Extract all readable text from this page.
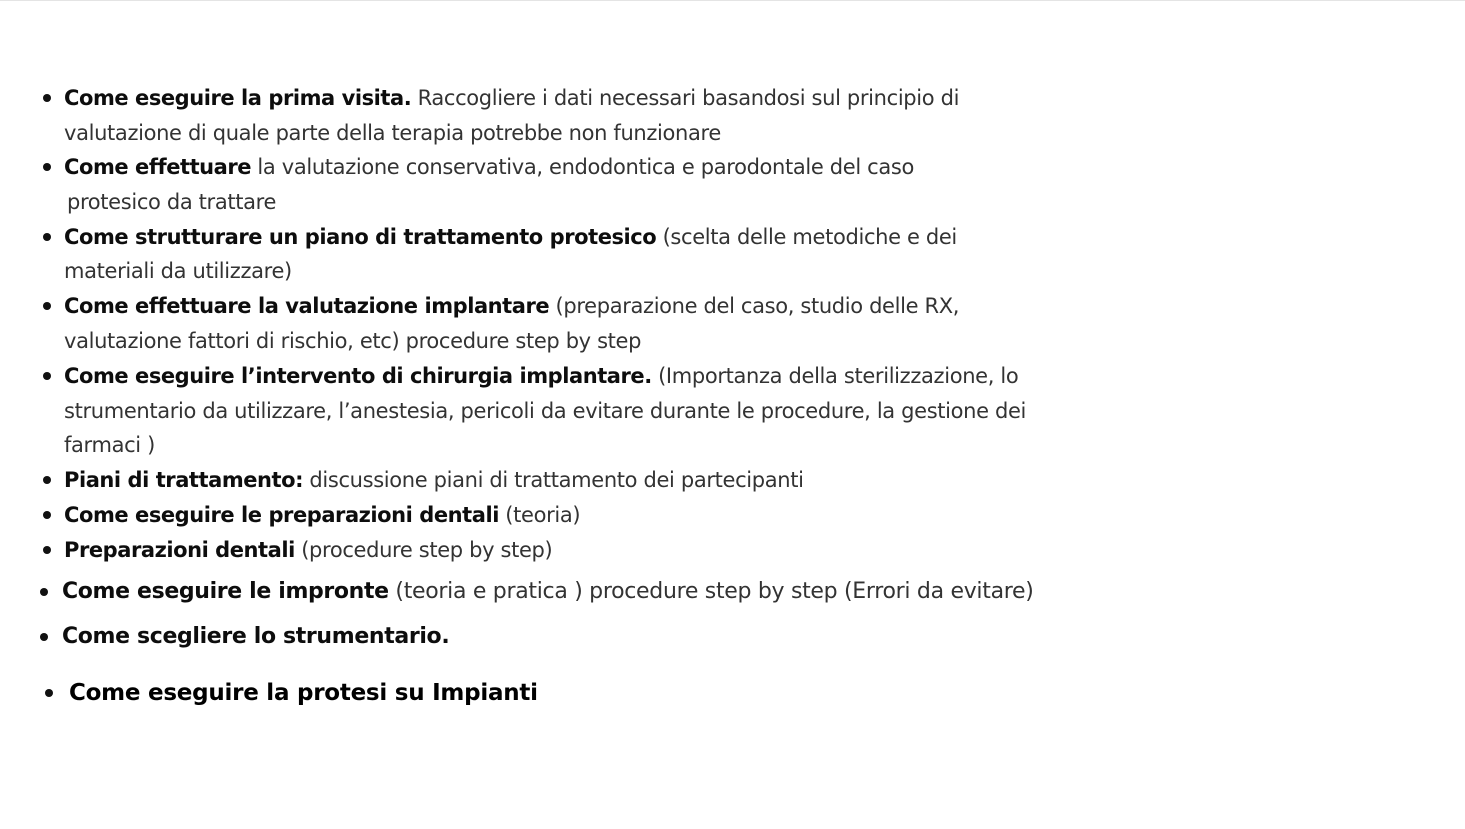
Come eseguire la prima visita. Raccogliere i dati necessari basandosi sul principio di
valutazione di quale parte della terapia potrebbe non funzionare
Come effettuare la valutazione conservativa, endodontica e parodontale del caso
protesico da trattare
Come strutturare un piano di trattamento protesico (scelta delle metodiche e dei
materiali da utilizzare)
Come effettuare la valutazione implantare (preparazione del caso, studio delle RX,
valutazione fattori di rischio, etc) procedure step by step
Come eseguire l’intervento di chirurgia implantare. (Importanza della sterilizzazione, lo
strumentario da utilizzare, l’anestesia, pericoli da evitare durante le procedure, la gestione dei
farmaci )
Piani di trattamento: discussione piani di trattamento dei partecipanti
Come eseguire le preparazioni dentali (teoria)
Preparazioni dentali (procedure step by step)
Come eseguire le impronte (teoria e pratica ) procedure step by step (Errori da evitare)
Come scegliere lo strumentario.
Come eseguire la protesi su Impianti
